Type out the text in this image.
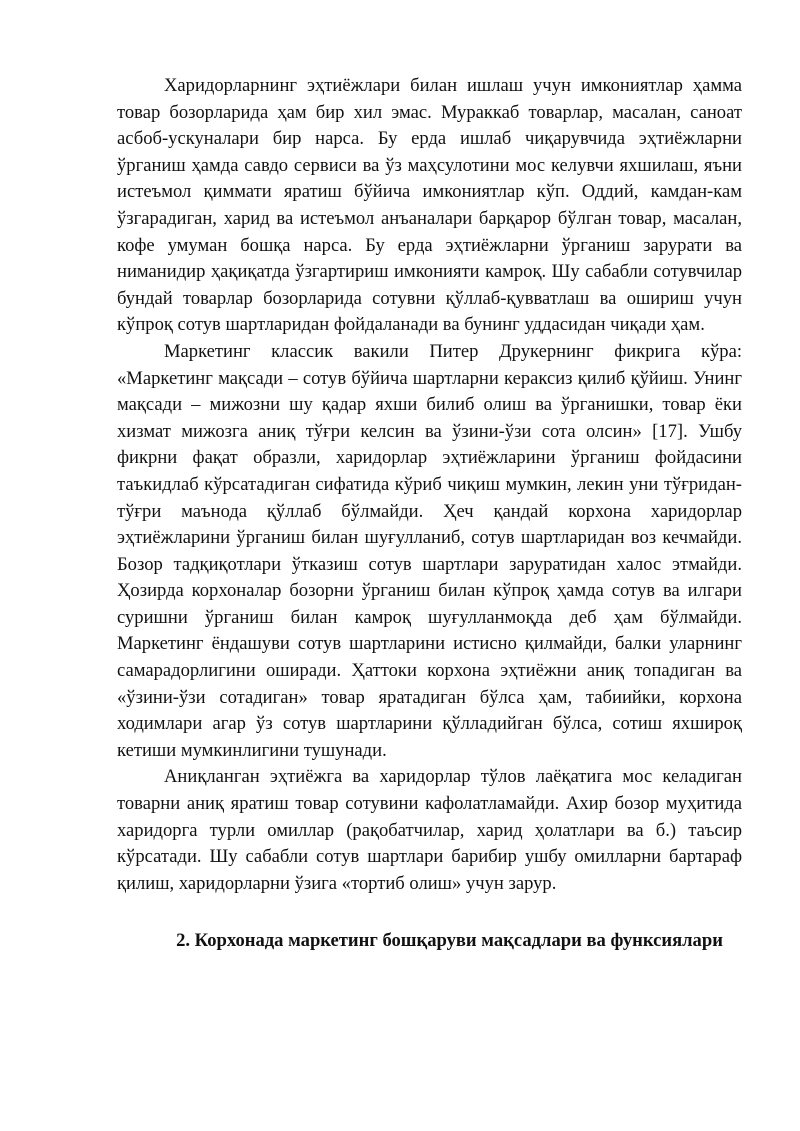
Харидорларнинг эҳтиёжлари билан ишлаш учун имкониятлар ҳамма товар бозорларида ҳам бир хил эмас. Мураккаб товарлар, масалан, саноат асбоб-ускуналари бир нарса. Бу ерда ишлаб чиқарувчида эҳтиёжларни ўрганиш ҳамда савдо сервиси ва ўз маҳсулотини мос келувчи яхшилаш, яъни истеъмол қиммати яратиш бўйича имкониятлар кўп. Оддий, камдан-кам ўзгарадиган, харид ва истеъмол анъаналари барқарор бўлган товар, масалан, кофе умуман бошқа нарса. Бу ерда эҳтиёжларни ўрганиш зарурати ва ниманидир ҳақиқатда ўзгартириш имконияти камроқ. Шу сабабли сотувчилар бундай товарлар бозорларида сотувни қўллаб-қувватлаш ва ошириш учун кўпроқ сотув шартларидан фойдаланади ва бунинг уддасидан чиқади ҳам.

Маркетинг классик вакили Питер Друкернинг фикрига кўра: «Маркетинг мақсади – сотув бўйича шартларни кераксиз қилиб қўйиш. Унинг мақсади – мижозни шу қадар яхши билиб олиш ва ўрганишки, товар ёки хизмат мижозга аниқ тўғри келсин ва ўзини-ўзи сота олсин» [17]. Ушбу фикрни фақат образли, харидорлар эҳтиёжларини ўрганиш фойдасини таъкидлаб кўрсатадиган сифатида кўриб чиқиш мумкин, лекин уни тўғридан-тўғри маънода қўллаб бўлмайди. Ҳеч қандай корхона харидорлар эҳтиёжларини ўрганиш билан шуғулланиб, сотув шартларидан воз кечмайди. Бозор тадқиқотлари ўтказиш сотув шартлари заруратидан халос этмайди. Ҳозирда корхоналар бозорни ўрганиш билан кўпроқ ҳамда сотув ва илгари суришни ўрганиш билан камроқ шуғулланмоқда деб ҳам бўлмайди. Маркетинг ёндашуви сотув шартларини истисно қилмайди, балки уларнинг самарадорлигини оширади. Ҳаттоки корхона эҳтиёжни аниқ топадиган ва «ўзини-ўзи сотадиган» товар яратадиган бўлса ҳам, табиийки, корхона ходимлари агар ўз сотув шартларини қўлладийган бўлса, сотиш яхшироқ кетиши мумкинлигини тушунади.

Аниқланган эҳтиёжга ва харидорлар тўлов лаёқатига мос келадиган товарни аниқ яратиш товар сотувини кафолатламайди. Ахир бозор муҳитида харидорга турли омиллар (рақобатчилар, харид ҳолатлари ва б.) таъсир кўрсатади. Шу сабабли сотув шартлари барибир ушбу омилларни бартараф қилиш, харидорларни ўзига «тортиб олиш» учун зарур.

2. Корхонада маркетинг бошқаруви мақсадлари ва функсиялари
